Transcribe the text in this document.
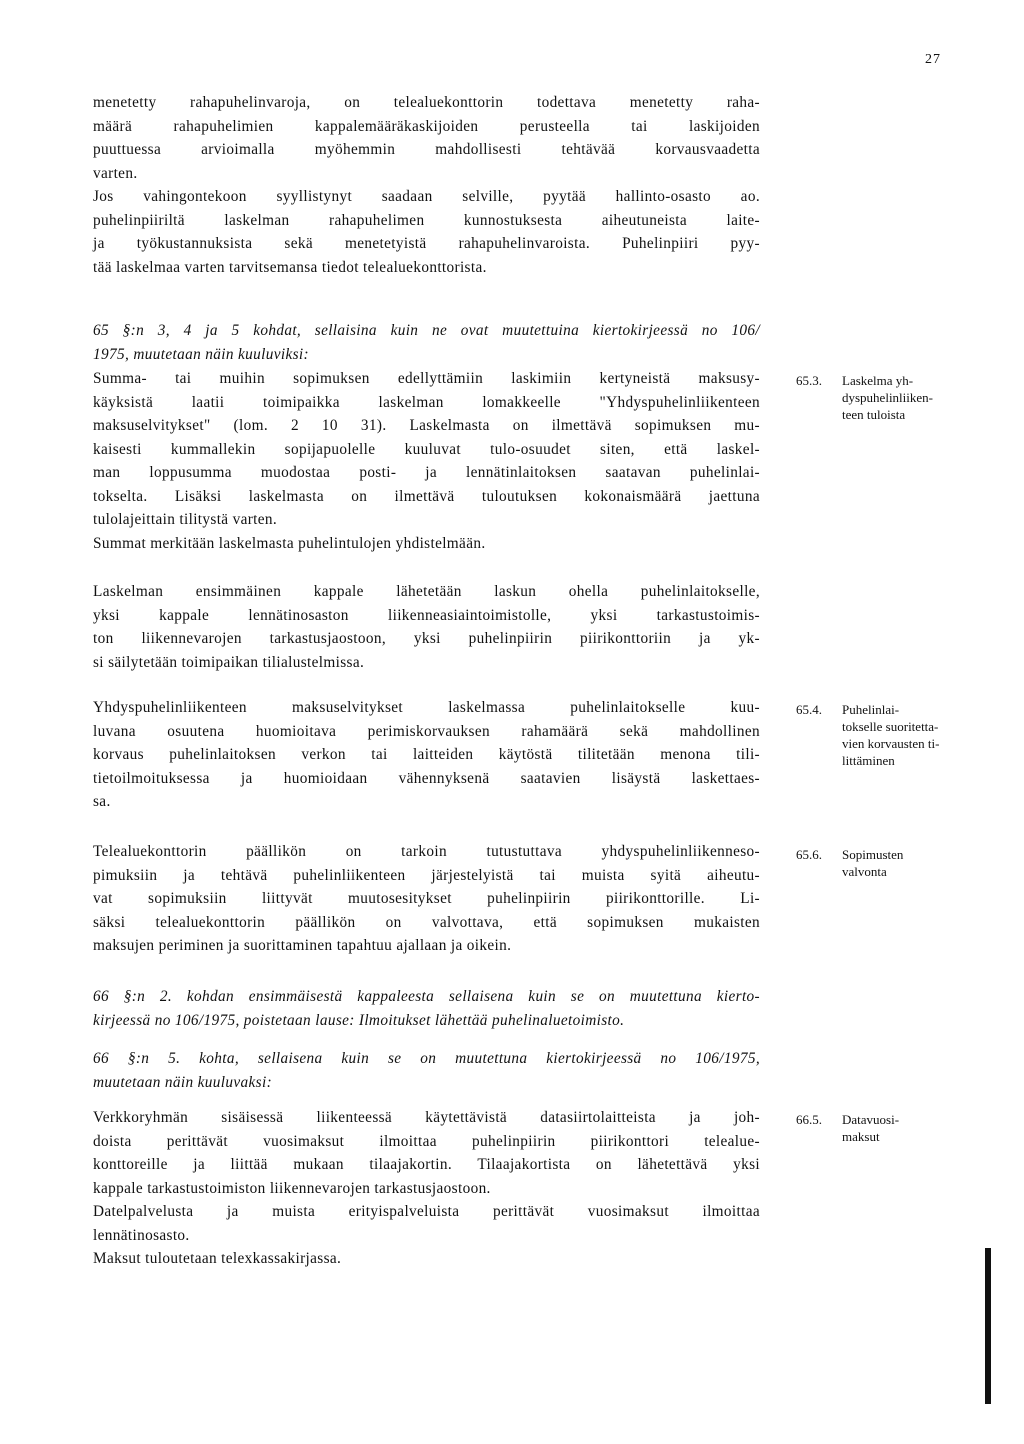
27

menetetty rahapuhelinvaroja, on telealuekonttorin todettava menetetty raha-
määrä rahapuhelimien kappalemääräkaskijoiden perusteella tai laskijoiden
puuttuessa arvioimalla myöhemmin mahdollisesti tehtävää korvausvaadetta
varten.
Jos vahingontekoon syyllistynyt saadaan selville, pyytää hallinto-osasto ao.
puhelinpiiriltä laskelman rahapuhelimen kunnostuksesta aiheutuneista laite-
ja työkustannuksista sekä menetetyistä rahapuhelinvaroista. Puhelinpiiri pyy-
tää laskelmaa varten tarvitsemansa tiedot telealuekonttorista.

65 §:n 3, 4 ja 5 kohdat, sellaisina kuin ne ovat muutettuina kiertokirjeessä no 106/
1975, muutetaan näin kuuluviksi:

Summa- tai muihin sopimuksen edellyttämiin laskimiin kertyneistä maksusy-
käyksistä laatii toimipaikka laskelman lomakkeelle "Yhdyspuhelinliikenteen
maksuselvitykset" (lom. 2 10 31). Laskelmasta on ilmettävä sopimuksen mu-
kaisesti kummallekin sopijapuolelle kuuluvat tulo-osuudet siten, että laskel-
man loppusumma muodostaa posti- ja lennätinlaitoksen saatavan puhelinlai-
tokselta. Lisäksi laskelmasta on ilmettävä tuloutuksen kokonaismäärä jaettuna
tulolajeittain tilitystä varten.
Summat merkitään laskelmasta puhelintulojen yhdistelmään.

Laskelman ensimmäinen kappale lähetetään laskun ohella puhelinlaitokselle,
yksi kappale lennätinosaston liikenneasiaintoimistolle, yksi tarkastustoimis-
ton liikennevarojen tarkastusjaostoon, yksi puhelinpiirin piirikonttoriin ja yk-
si säilytetään toimipaikan tilialustelmissa.

Yhdyspuhelinliikenteen maksuselvitykset laskelmassa puhelinlaitokselle kuu-
luvana osuutena huomioitava perimiskorvauksen rahamäärä sekä mahdollinen
korvaus puhelinlaitoksen verkon tai laitteiden käytöstä tilitetään menona tili-
tietoilmoituksessa ja huomioidaan vähennyksenä saatavien lisäystä laskettaes-
sa.

Telealuekonttorin päällikön on tarkoin tutustuttava yhdyspuhelinliikenneso-
pimuksiin ja tehtävä puhelinliikenteen järjestelyistä tai muista syitä aiheutu-
vat sopimuksiin liittyvät muutosesitykset puhelinpiirin piirikonttorille. Li-
säksi telealuekonttorin päällikön on valvottava, että sopimuksen mukaisten
maksujen periminen ja suorittaminen tapahtuu ajallaan ja oikein.

66 §:n 2. kohdan ensimmäisestä kappaleesta sellaisena kuin se on muutettuna kierto-
kirjeessä no 106/1975, poistetaan lause: Ilmoitukset lähettää puhelinaluetoimisto.

66 §:n 5. kohta, sellaisena kuin se on muutettuna kiertokirjeessä no 106/1975,
muutetaan näin kuuluvaksi:

Verkkoryhmän sisäisessä liikenteessä käytettävistä datasiirtolaitteista ja joh-
doista perittävät vuosimaksut ilmoittaa puhelinpiirin piirikonttori telealue-
konttoreille ja liittää mukaan tilaajakortin. Tilaajakortista on lähetettävä yksi
kappale tarkastustoimiston liikennevarojen tarkastusjaostoon.
Datelpalvelusta ja muista erityispalveluista perittävät vuosimaksut ilmoittaa
lennätinosasto.
Maksut tuloutetaan telexkassakirjassa.

65.3. Laskelma yh-
dyspuhelinliiken-
teen tuloista
65.4. Puhelinlai-
tokselle suoritetta-
vien korvausten ti-
littäminen
65.6. Sopimusten
valvonta
66.5. Datavuosi-
maksut
